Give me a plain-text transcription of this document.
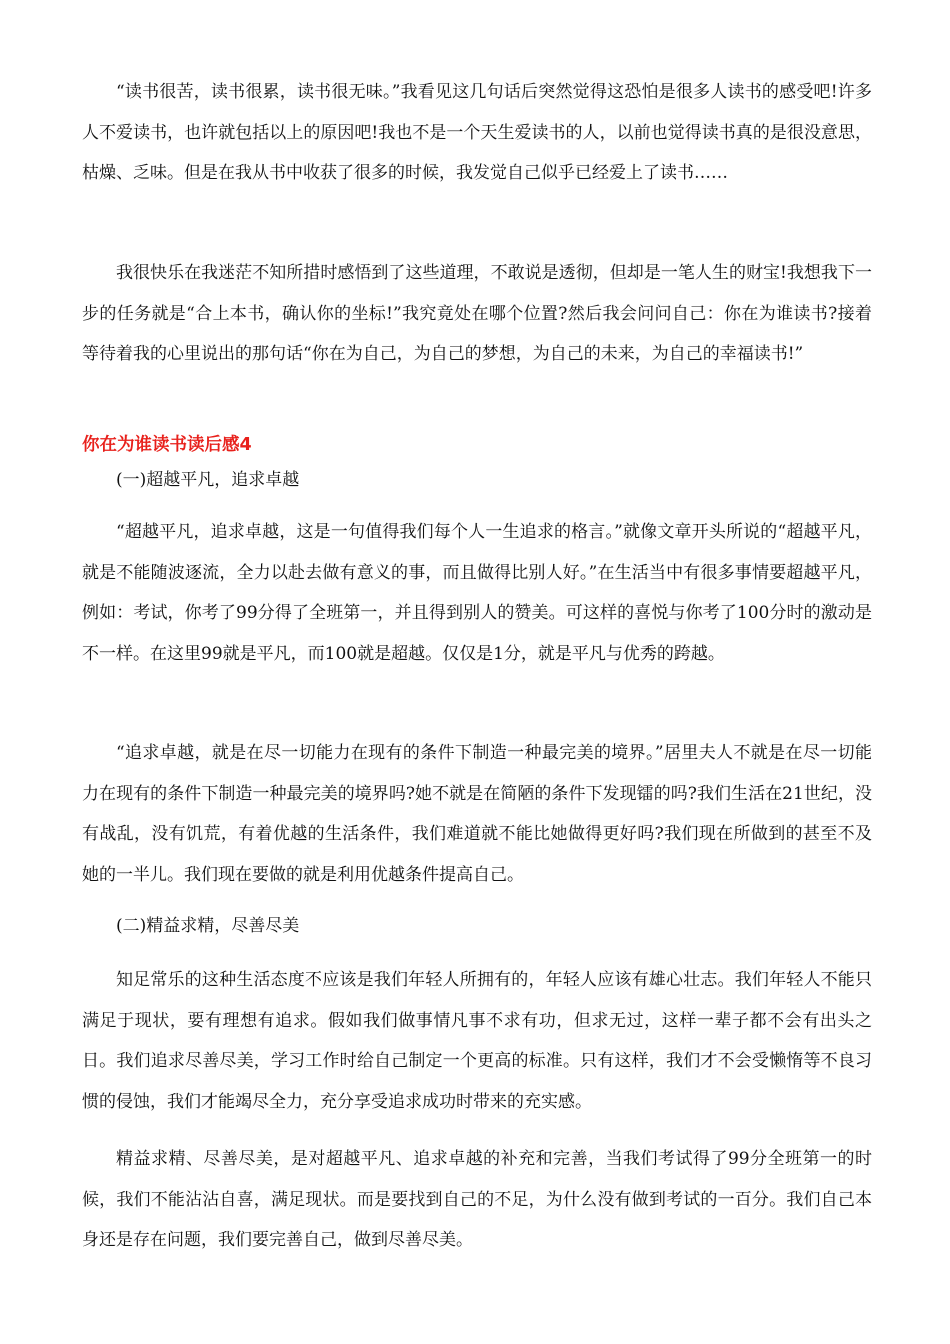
“读书很苦，读书很累，读书很无味。”我看见这几句话后突然觉得这恐怕是很多人读书的感受吧!许多人不爱读书，也许就包括以上的原因吧!我也不是一个天生爱读书的人，以前也觉得读书真的是很没意思，枯燥、乏味。但是在我从书中收获了很多的时候，我发觉自己似乎已经爱上了读书……

我很快乐在我迷茫不知所措时感悟到了这些道理，不敢说是透彻，但却是一笔人生的财宝!我想我下一步的任务就是“合上本书，确认你的坐标!”我究竟处在哪个位置?然后我会问问自己：你在为谁读书?接着等待着我的心里说出的那句话“你在为自己，为自己的梦想，为自己的未来，为自己的幸福读书!”

你在为谁读书读后感4

(一)超越平凡，追求卓越

“超越平凡，追求卓越，这是一句值得我们每个人一生追求的格言。”就像文章开头所说的“超越平凡，就是不能随波逐流，全力以赴去做有意义的事，而且做得比别人好。”在生活当中有很多事情要超越平凡，例如：考试，你考了99分得了全班第一，并且得到别人的赞美。可这样的喜悦与你考了100分时的激动是不一样。在这里99就是平凡，而100就是超越。仅仅是1分，就是平凡与优秀的跨越。

“追求卓越，就是在尽一切能力在现有的条件下制造一种最完美的境界。”居里夫人不就是在尽一切能力在现有的条件下制造一种最完美的境界吗?她不就是在简陋的条件下发现镭的吗?我们生活在21世纪，没有战乱，没有饥荒，有着优越的生活条件，我们难道就不能比她做得更好吗?我们现在所做到的甚至不及她的一半儿。我们现在要做的就是利用优越条件提高自己。

(二)精益求精，尽善尽美

知足常乐的这种生活态度不应该是我们年轻人所拥有的，年轻人应该有雄心壮志。我们年轻人不能只满足于现状，要有理想有追求。假如我们做事情凡事不求有功，但求无过，这样一辈子都不会有出头之日。我们追求尽善尽美，学习工作时给自己制定一个更高的标准。只有这样，我们才不会受懒惰等不良习惯的侵蚀，我们才能竭尽全力，充分享受追求成功时带来的充实感。

精益求精、尽善尽美，是对超越平凡、追求卓越的补充和完善，当我们考试得了99分全班第一的时候，我们不能沾沾自喜，满足现状。而是要找到自己的不足，为什么没有做到考试的一百分。我们自己本身还是存在问题，我们要完善自己，做到尽善尽美。
